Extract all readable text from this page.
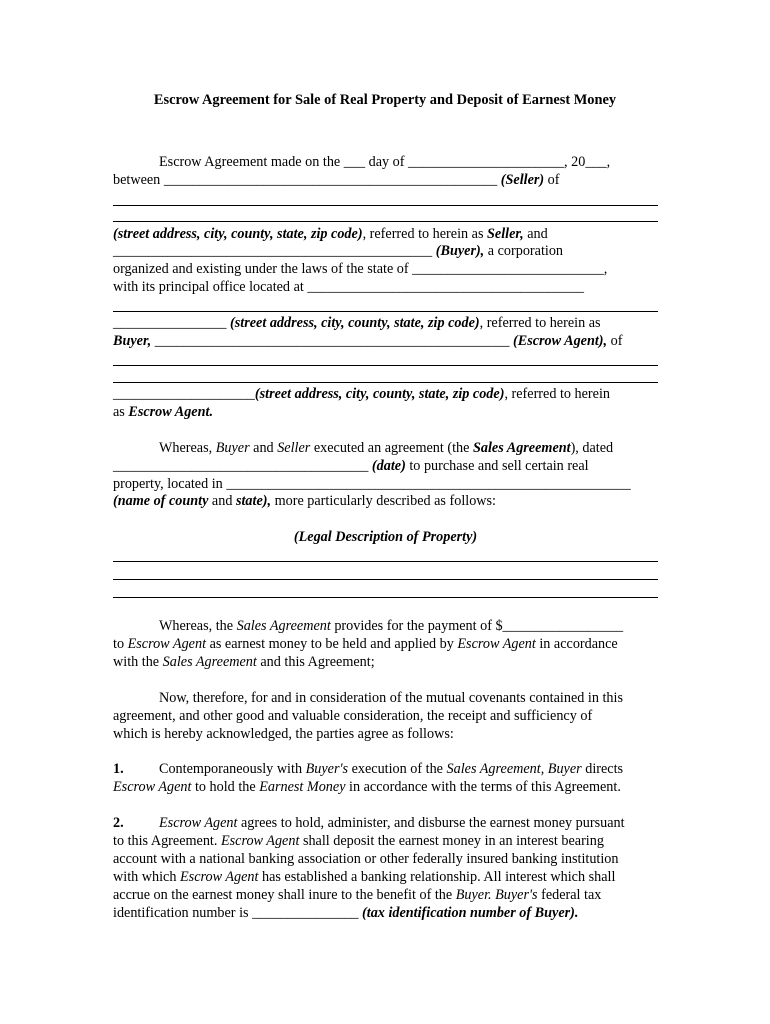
Escrow Agreement for Sale of Real Property and Deposit of Earnest Money
Escrow Agreement made on the ___ day of ______________________, 20___,
between _______________________________________________ (Seller) of
(street address, city, county, state, zip code), referred to herein as Seller, and
_____________________________________________ (Buyer), a corporation
organized and existing under the laws of the state of ___________________________,
with its principal office located at _______________________________________
________________ (street address, city, county, state, zip code), referred to herein as
Buyer, __________________________________________________ (Escrow Agent), of
____________________(street address, city, county, state, zip code), referred to herein
as Escrow Agent.
Whereas, Buyer and Seller executed an agreement (the Sales Agreement), dated
____________________________________ (date) to purchase and sell certain real
property, located in _________________________________________________________
(name of county and state), more particularly described as follows:
(Legal Description of Property)
Whereas, the Sales Agreement provides for the payment of $_________________
to Escrow Agent as earnest money to be held and applied by Escrow Agent in accordance
with the Sales Agreement and this Agreement;
Now, therefore, for and in consideration of the mutual covenants contained in this
agreement, and other good and valuable consideration, the receipt and sufficiency of
which is hereby acknowledged, the parties agree as follows:
1. Contemporaneously with Buyer's execution of the Sales Agreement, Buyer directs
Escrow Agent to hold the Earnest Money in accordance with the terms of this Agreement.
2. Escrow Agent agrees to hold, administer, and disburse the earnest money pursuant
to this Agreement. Escrow Agent shall deposit the earnest money in an interest bearing
account with a national banking association or other federally insured banking institution
with which Escrow Agent has established a banking relationship. All interest which shall
accrue on the earnest money shall inure to the benefit of the Buyer. Buyer's federal tax
identification number is _______________ (tax identification number of Buyer).
